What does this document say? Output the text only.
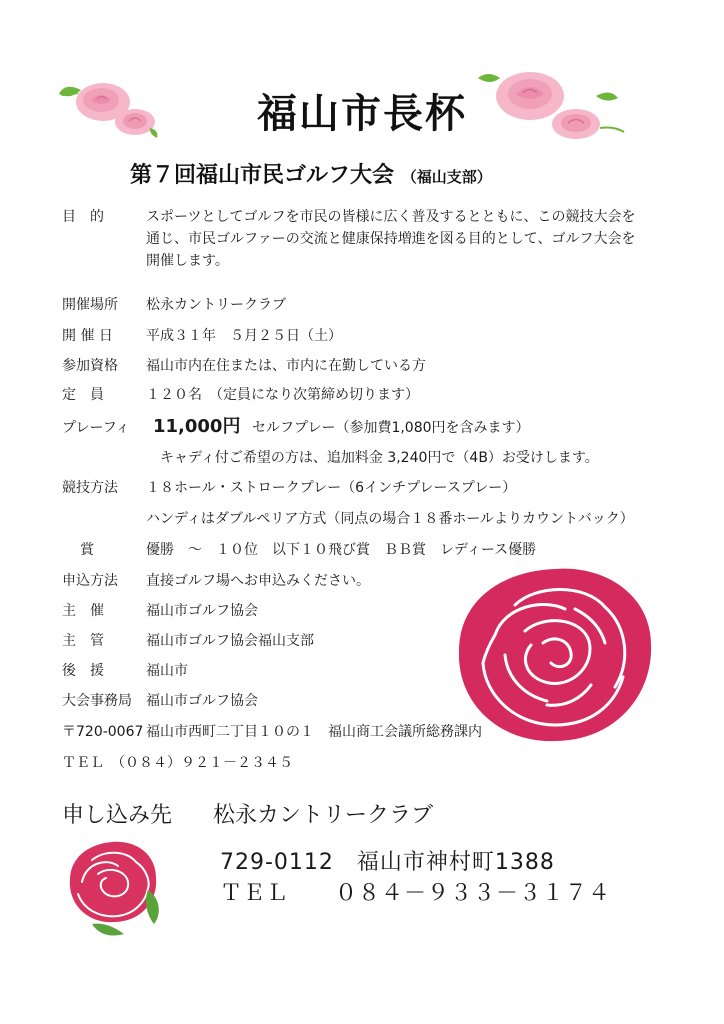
福山市長杯
第７回福山市民ゴルフ大会 （福山支部）
目　的	スポーツとしてゴルフを市民の皆様に広く普及するとともに、この競技大会を
通じ、市民ゴルファーの交流と健康保持増進を図る目的として、ゴルフ大会を
開催します。
開催場所 松永カントリークラブ
開 催 日 平成３１年　５月２５日（土）
参加資格 福山市内在住または、市内に在勤している方
定　員	１２０名　（定員になり次第締め切ります）
プレーフィ 11,000円 セルフプレー（参加費1,080円を含みます）
キャディ付ご希望の方は、追加料金 3,240円で（4B）お受けします。
競技方法 １８ホール・ストロークプレー（6インチプレースプレー）
ハンディはダブルペリア方式（同点の場合１８番ホールよりカウントバック）
賞	優勝　～　１０位　以下１０飛び賞　ＢＢ賞　レディース優勝
申込方法 直接ゴルフ場へお申込みください。
主　催	福山市ゴルフ協会
主　管	福山市ゴルフ協会福山支部
後　援	福山市
大会事務局 福山市ゴルフ協会
〒720-0067 福山市西町二丁目１０の１　福山商工会議所総務課内
ＴＥＬ　（０８４）９２１－２３４５
申し込み先 松永カントリークラブ
729-0112　福山市神村町1388
ＴＥＬ　　０８４－９３３－３１７４
